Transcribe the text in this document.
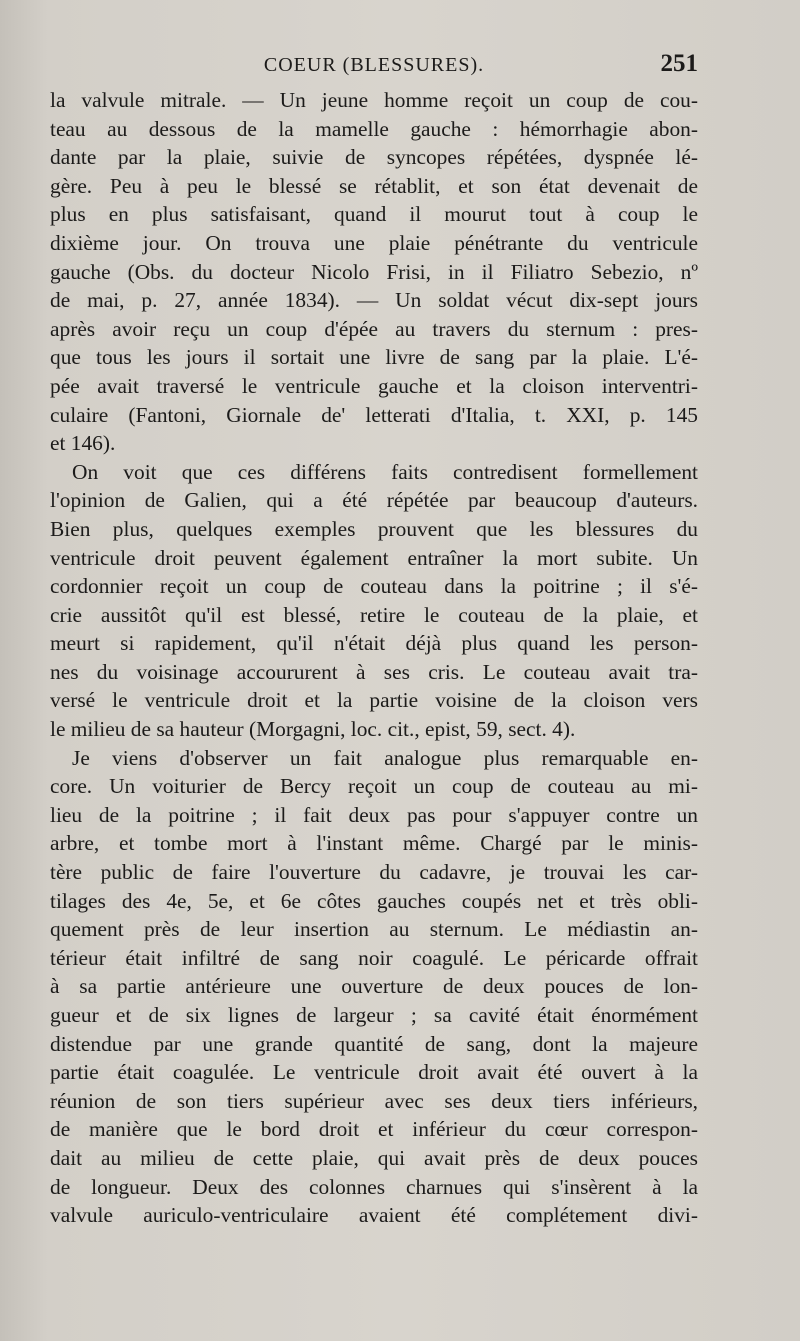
COEUR (BLESSURES).	251
la valvule mitrale. — Un jeune homme reçoit un coup de cou-
teau au dessous de la mamelle gauche : hémorrhagie abon-
dante par la plaie, suivie de syncopes répétées, dyspnée lé-
gère. Peu à peu le blessé se rétablit, et son état devenait de
plus en plus satisfaisant, quand il mourut tout à coup le
dixième jour. On trouva une plaie pénétrante du ventricule
gauche (Obs. du docteur Nicolo Frisi, in il Filiatro Sebezio, nº
de mai, p. 27, année 1834). — Un soldat vécut dix-sept jours
après avoir reçu un coup d'épée au travers du sternum : pres-
que tous les jours il sortait une livre de sang par la plaie. L'é-
pée avait traversé le ventricule gauche et la cloison interventri-
culaire (Fantoni, Giornale de' letterati d'Italia, t. XXI, p. 145
et 146).
On voit que ces différens faits contredisent formellement
l'opinion de Galien, qui a été répétée par beaucoup d'auteurs.
Bien plus, quelques exemples prouvent que les blessures du
ventricule droit peuvent également entraîner la mort subite. Un
cordonnier reçoit un coup de couteau dans la poitrine ; il s'é-
crie aussitôt qu'il est blessé, retire le couteau de la plaie, et
meurt si rapidement, qu'il n'était déjà plus quand les person-
nes du voisinage accoururent à ses cris. Le couteau avait tra-
versé le ventricule droit et la partie voisine de la cloison vers
le milieu de sa hauteur (Morgagni, loc. cit., epist, 59, sect. 4).
Je viens d'observer un fait analogue plus remarquable en-
core. Un voiturier de Bercy reçoit un coup de couteau au mi-
lieu de la poitrine ; il fait deux pas pour s'appuyer contre un
arbre, et tombe mort à l'instant même. Chargé par le minis-
tère public de faire l'ouverture du cadavre, je trouvai les car-
tilages des 4e, 5e, et 6e côtes gauches coupés net et très obli-
quement près de leur insertion au sternum. Le médiastin an-
térieur était infiltré de sang noir coagulé. Le péricarde offrait
à sa partie antérieure une ouverture de deux pouces de lon-
gueur et de six lignes de largeur ; sa cavité était énormément
distendue par une grande quantité de sang, dont la majeure
partie était coagulée. Le ventricule droit avait été ouvert à la
réunion de son tiers supérieur avec ses deux tiers inférieurs,
de manière que le bord droit et inférieur du cœur correspon-
dait au milieu de cette plaie, qui avait près de deux pouces
de longueur. Deux des colonnes charnues qui s'insèrent à la
valvule auriculo-ventriculaire avaient été complétement divi-
